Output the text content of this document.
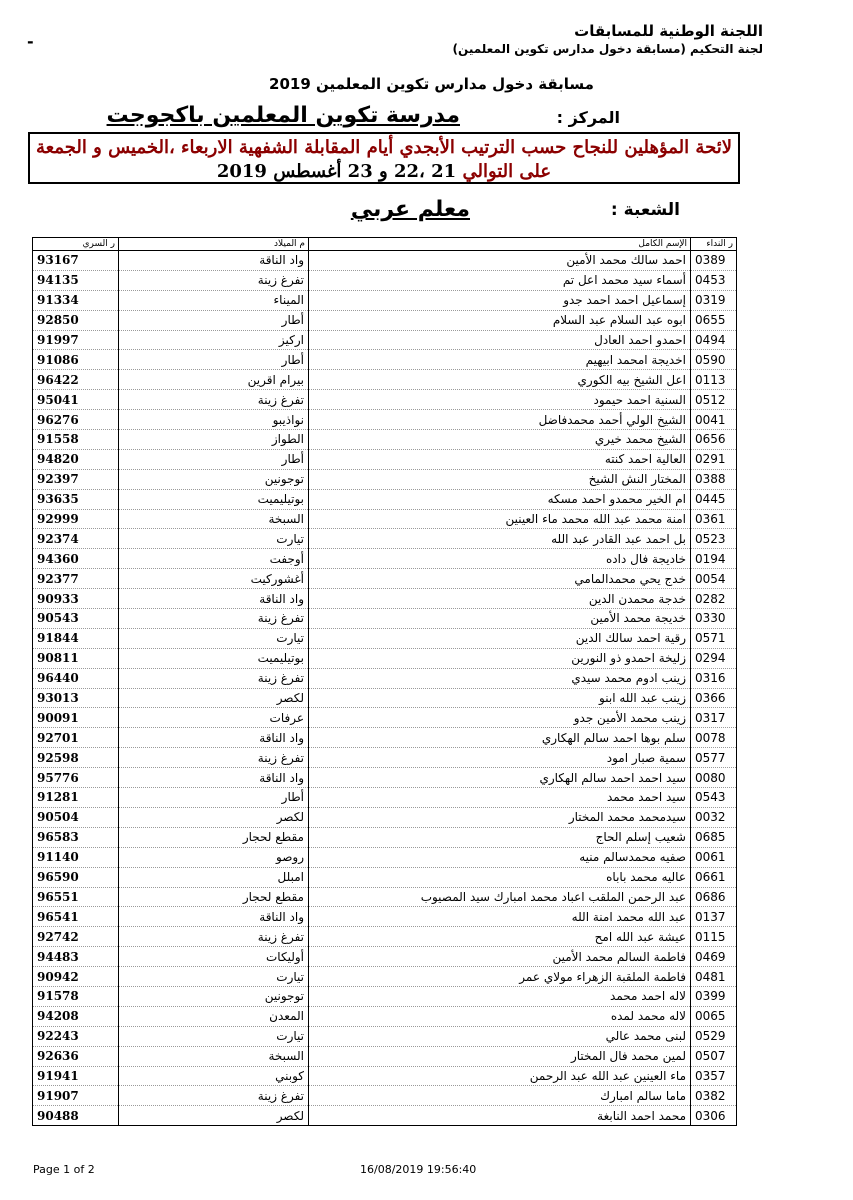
اللجنة الوطنية للمسابقات
لجنة التحكيم (مسابقة دخول مدارس تكوين المعلمين)
-
مسابقة دخول مدارس تكوين المعلمين 2019
المركز :
مدرسة تكوين المعلمين باكجوجت
لائحة المؤهلين للنجاح حسب الترتيب الأبجدي أيام المقابلة الشفهية الاربعاء ،الخميس و الجمعة
على التوالي 21 ،22 و 23 أغسطس 2019
الشعبة :
معلم عربي
ر النداء	الإسم الكامل	م الميلاد	ر السري
0389	احمد سالك محمد الأمين	واد الناقة	93167
0453	أسماء سيد محمد اعل تم	تفرغ زينة	94135
0319	إسماعيل احمد احمد جدو	الميناء	91334
0655	ابوه عبد السلام عبد السلام	أطار	92850
0494	احمدو احمد العادل	اركيز	91997
0590	اخديجة امحمد ابيهيم	أطار	91086
0113	اعل الشيخ بيه الكوري	بيرام اقرين	96422
0512	السنية احمد حيمود	تفرغ زينة	95041
0041	الشيخ الولي أحمد محمدفاضل	نواذيبو	96276
0656	الشيخ محمد خيري	الطواز	91558
0291	العالية احمد كنته	أطار	94820
0388	المختار النش الشيخ	توجونين	92397
0445	ام الخير محمدو احمد مسكه	بوتيليميت	93635
0361	امنة محمد عبد الله محمد ماء العينين	السبخة	92999
0523	بل احمد عبد القادر عبد الله	تيارت	92374
0194	خاديجة فال داده	أوجفت	94360
0054	خدج يحي محمدالمامي	أغشوركيت	92377
0282	خدجة محمدن الدين	واد الناقة	90933
0330	خديجة محمد الأمين	تفرغ زينة	90543
0571	رقية احمد سالك الدين	تيارت	91844
0294	زليخة احمدو ذو النورين	بوتيليميت	90811
0316	زينب ادوم محمد سيدي	تفرغ زينة	96440
0366	زينب عبد الله ابنو	لكصر	93013
0317	زينب محمد الأمين جدو	عرفات	90091
0078	سلم بوها احمد سالم الهكاري	واد الناقة	92701
0577	سمية صبار امود	تفرغ زينة	92598
0080	سيد احمد احمد سالم الهكاري	واد الناقة	95776
0543	سيد احمد محمد	أطار	91281
0032	سيدمحمد محمد المختار	لكصر	90504
0685	شعيب إسلم الحاج	مقطع لحجار	96583
0061	صفيه محمدسالم منيه	روصو	91140
0661	عاليه محمد باباه	امبلل	96590
0686	عبد الرحمن الملقب اعباد محمد امبارك سيد المصيوب	مقطع لحجار	96551
0137	عبد الله محمد امنة الله	واد الناقة	96541
0115	عيشة عبد الله امح	تفرغ زينة	92742
0469	فاطمة السالم محمد الأمين	أوليكات	94483
0481	فاطمة الملقبة الزهراء مولاي عمر	تيارت	90942
0399	لاله احمد محمد	توجونين	91578
0065	لاله محمد لمده	المعدن	94208
0529	لبنى محمد عالي	تيارت	92243
0507	لمين محمد فال المختار	السبخة	92636
0357	ماء العينين عبد الله عبد الرحمن	كوبني	91941
0382	ماما سالم امبارك	تفرغ زينة	91907
0306	محمد احمد النابغة	لكصر	90488
Page 1 of 2	16/08/2019 19:56:40
